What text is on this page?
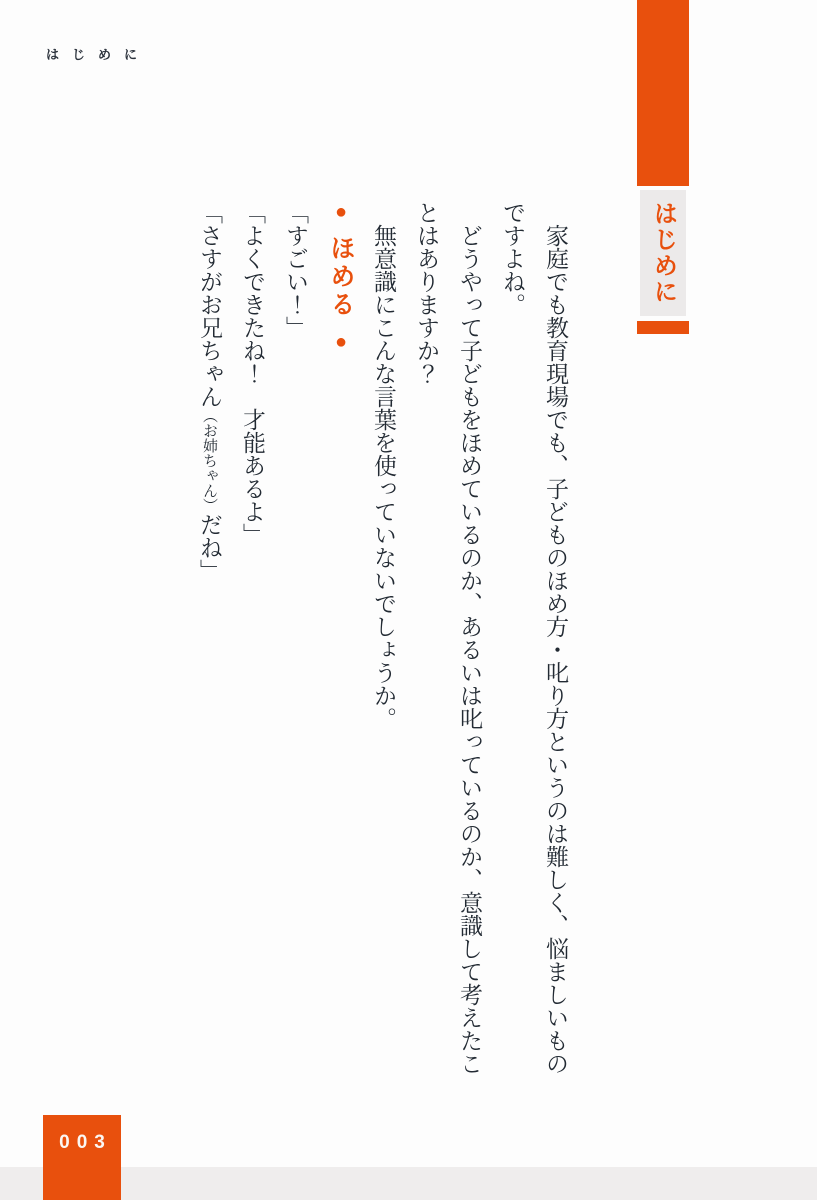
はじめに
はじめに

家庭でも教育現場でも、子どものほめ方・叱り方というのは難しく、悩ましいものですよね。

どうやって子どもをほめているのか、あるいは叱っているのか、意識して考えたことはありますか？

無意識にこんな言葉を使っていないでしょうか。

●ほめる●

「すごい！」

「よくできたね！　才能あるよ」

「さすがお兄ちゃん（お姉ちゃん）だね」

003
